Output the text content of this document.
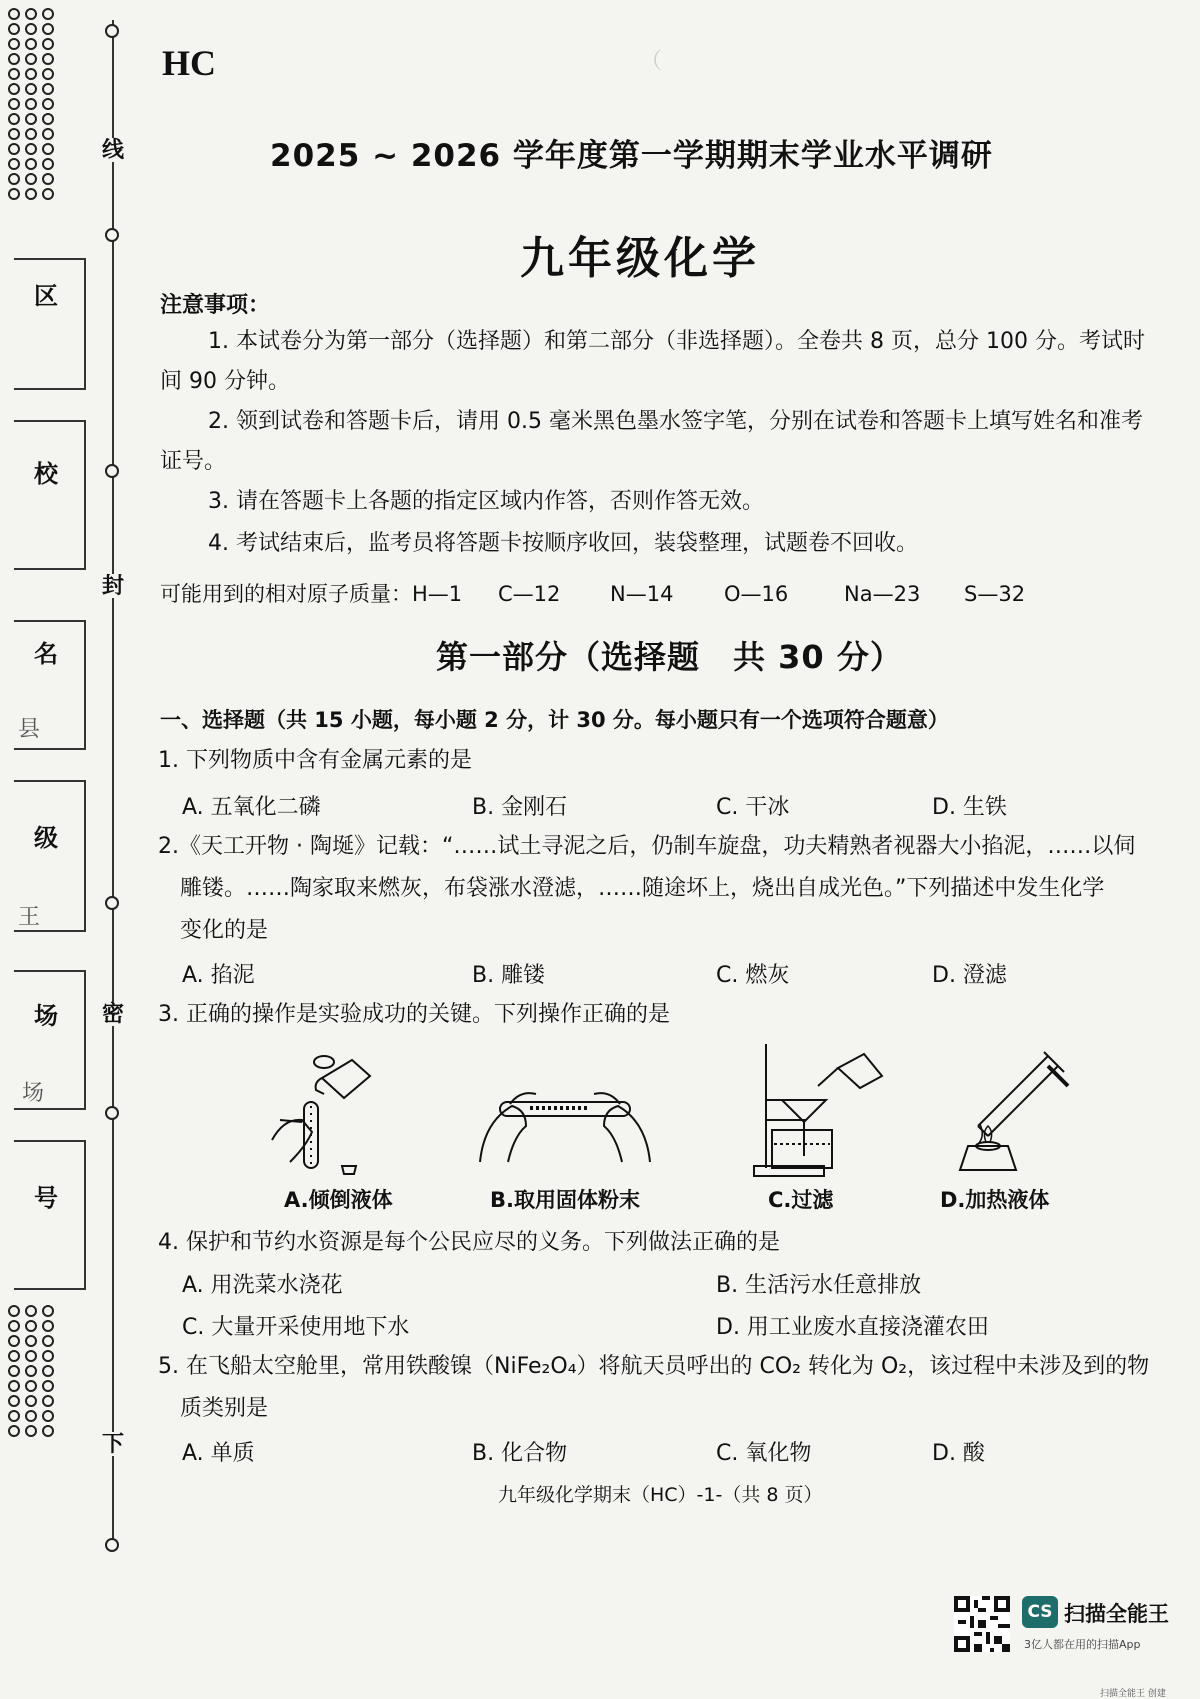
（
线
封
密
下
区
校
名
级
场
号
县
王
场
HC
2025 ~ 2026 学年度第一学期期末学业水平调研
九年级化学
注意事项：
1. 本试卷分为第一部分（选择题）和第二部分（非选择题）。全卷共 8 页，总分 100 分。考试时间 90 分钟。
2. 领到试卷和答题卡后，请用 0.5 毫米黑色墨水签字笔，分别在试卷和答题卡上填写姓名和准考证号。
3. 请在答题卡上各题的指定区域内作答，否则作答无效。
4. 考试结束后，监考员将答题卡按顺序收回，装袋整理，试题卷不回收。
可能用到的相对原子质量：H—1 C—12 N—14 O—16	Na—23 S—32
第一部分（选择题　共 30 分）
一、选择题（共 15 小题，每小题 2 分，计 30 分。每小题只有一个选项符合题意）
1. 下列物质中含有金属元素的是
A. 五氧化二磷	B. 金刚石	C. 干冰	D. 生铁
2.《天工开物 · 陶埏》记载：“……试土寻泥之后，仍制车旋盘，功夫精熟者视器大小掐泥，……以伺
雕镂。……陶家取来燃灰，布袋涨水澄滤，……随途坏上，烧出自成光色。”下列描述中发生化学
变化的是
A. 掐泥	B. 雕镂	C. 燃灰	D. 澄滤
3. 正确的操作是实验成功的关键。下列操作正确的是
A.倾倒液体	B.取用固体粉末	C.过滤	D.加热液体
4. 保护和节约水资源是每个公民应尽的义务。下列做法正确的是
A. 用洗菜水浇花	B. 生活污水任意排放
C. 大量开采使用地下水	D. 用工业废水直接浇灌农田
5. 在飞船太空舱里，常用铁酸镍（NiFe₂O₄）将航天员呼出的 CO₂ 转化为 O₂，该过程中未涉及到的物
质类别是
A. 单质	B. 化合物	C. 氧化物	D. 酸
九年级化学期末（HC）-1-（共 8 页）
CS 扫描全能王
3亿人都在用的扫描App
扫描全能王 创建
